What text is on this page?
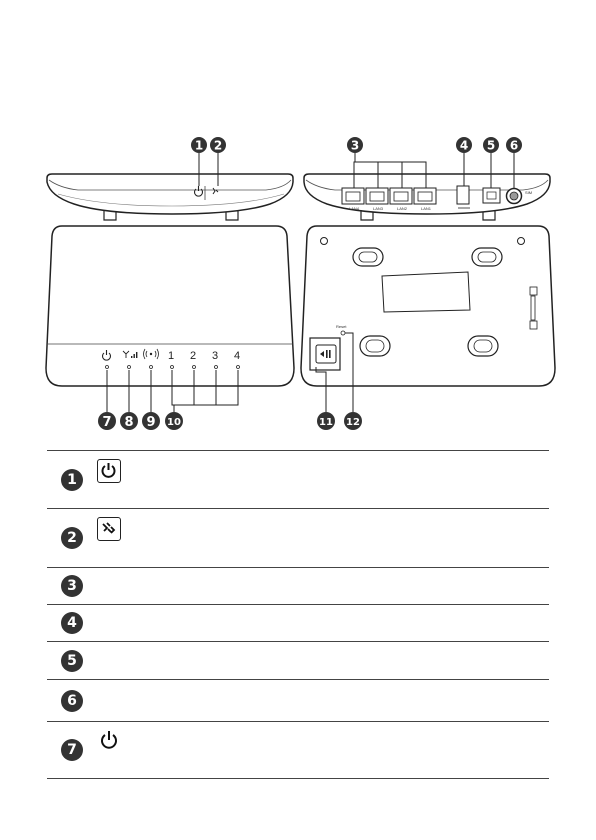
LAN4	LAN3	LAN2	LAN1
SIM
1 2 3 4
Reset
1 2	3	4 5 6
7 8 9 10	11 12
1	
2	
3	
4	
5	
6	
7	
